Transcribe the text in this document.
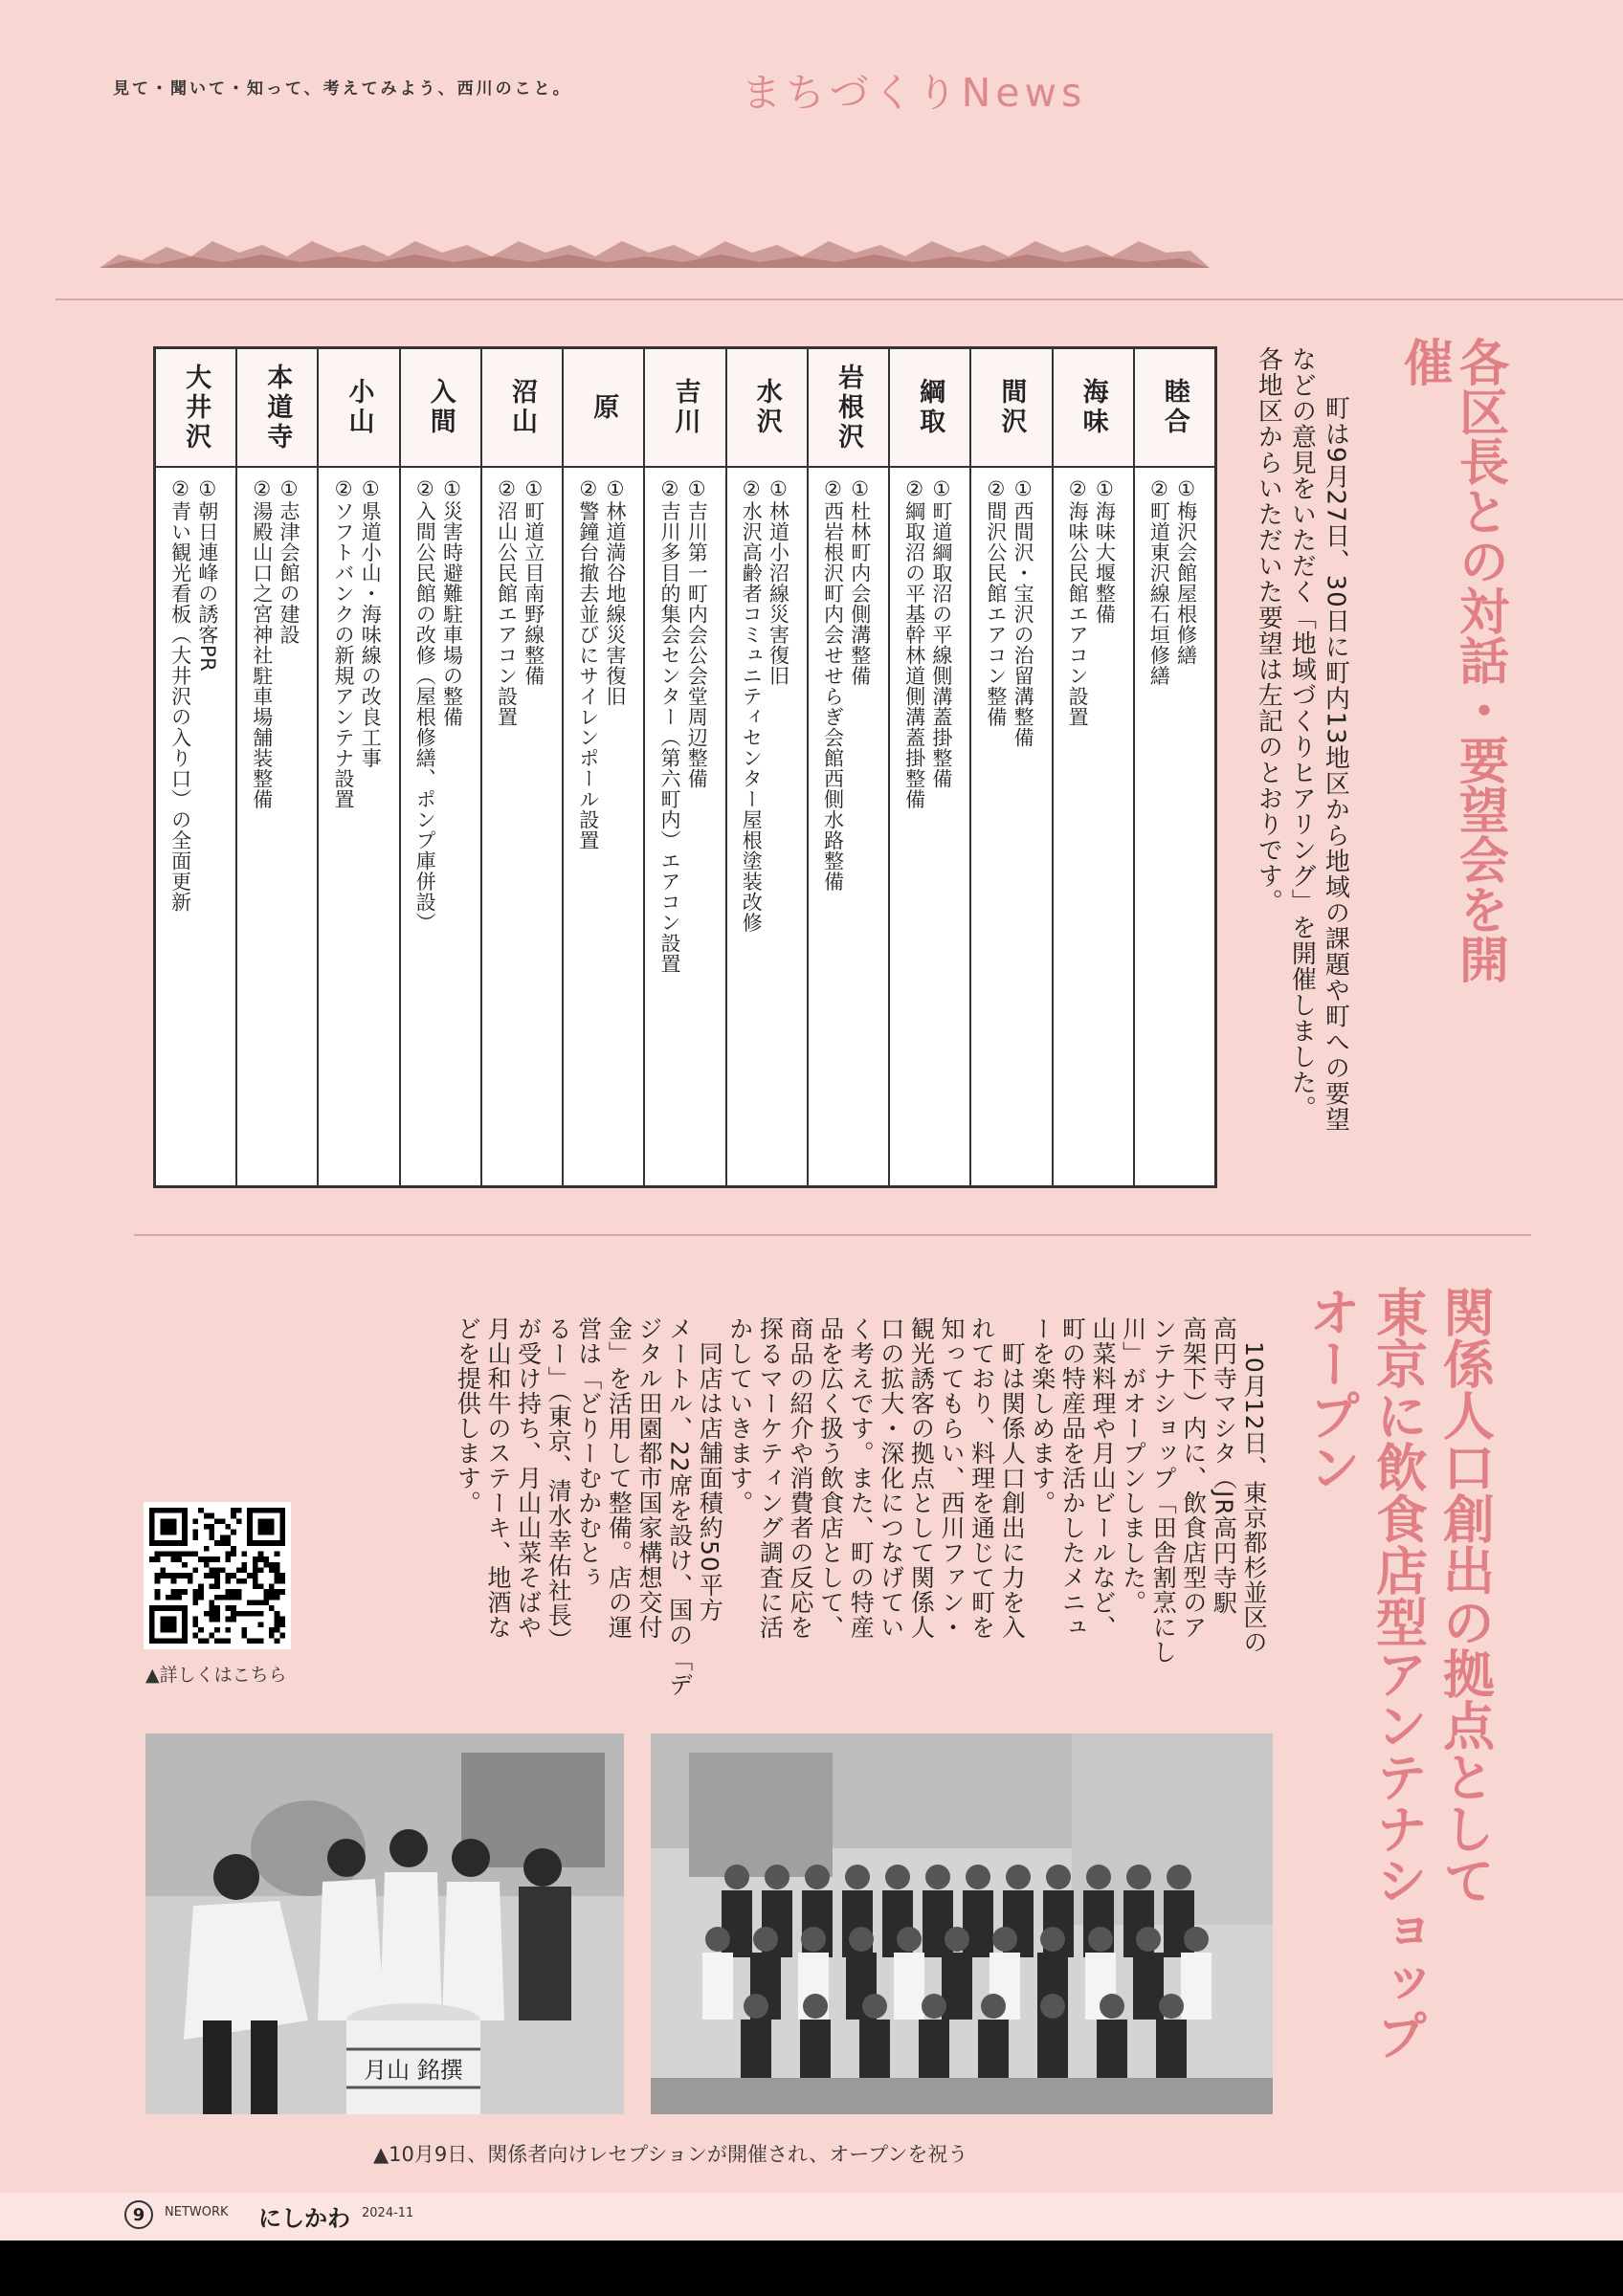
見て・聞いて・知って、考えてみよう、西川のこと。	まちづくりNews
各区長との対話・要望会を開催
　町は9月27日、30日に町内13地区から地域の課題や町への要望
などの意見をいただく「地域づくりヒアリング」を開催しました。
各地区からいただいた要望は左記のとおりです。
睦合
①梅沢会館屋根修繕
②町道東沢線石垣修繕
海味
①海味大堰整備
②海味公民館エアコン設置
間沢
①西間沢・宝沢の治留溝整備
②間沢公民館エアコン整備
綱取
①町道綱取沼の平線側溝蓋掛整備
②綱取沼の平基幹林道側溝蓋掛整備
岩根沢
①杜林町内会側溝整備
②西岩根沢町内会せせらぎ会館西側水路整備
水沢
①林道小沼線災害復旧
②水沢高齢者コミュニティセンター屋根塗装改修
吉川
①吉川第一町内会公会堂周辺整備
②吉川多目的集会センター（第六町内）エアコン設置
原
①林道満谷地線災害復旧
②警鐘台撤去並びにサイレンポール設置
沼山
①町道立目南野線整備
②沼山公民館エアコン設置
入間
①災害時避難駐車場の整備
②入間公民館の改修（屋根修繕、ポンプ庫併設）
小山
①県道小山・海味線の改良工事
②ソフトバンクの新規アンテナ設置
本道寺
①志津会館の建設
②湯殿山口之宮神社駐車場舗装整備
大井沢
①朝日連峰の誘客PR
②青い観光看板（大井沢の入り口）の全面更新
関係人口創出の拠点として
東京に飲食店型アンテナショップ
オープン
　10月12日、東京都杉並区の
高円寺マシタ（JR高円寺駅
高架下）内に、飲食店型のア
ンテナショップ「田舎割烹にし
川」がオープンしました。
山菜料理や月山ビールなど、
町の特産品を活かしたメニュ
ーを楽しめます。
　町は関係人口創出に力を入
れており、料理を通じて町を
知ってもらい、西川ファン・
観光誘客の拠点として関係人
口の拡大・深化につなげてい
く考えです。また、町の特産
品を広く扱う飲食店として、
商品の紹介や消費者の反応を
探るマーケティング調査に活
かしていきます。
　同店は店舗面積約50平方
メートル、22席を設け、国の「デ
ジタル田園都市国家構想交付
金」を活用して整備。店の運
営は「どりーむかむとぅ
るー」（東京、清水幸佑社長）
が受け持ち、月山山菜そばや
月山和牛のステーキ、地酒な
どを提供します。
▲詳しくはこちら
月山 銘撰
▲10月9日、関係者向けレセプションが開催され、オープンを祝う
9	NETWORK にしかわ 2024-11
